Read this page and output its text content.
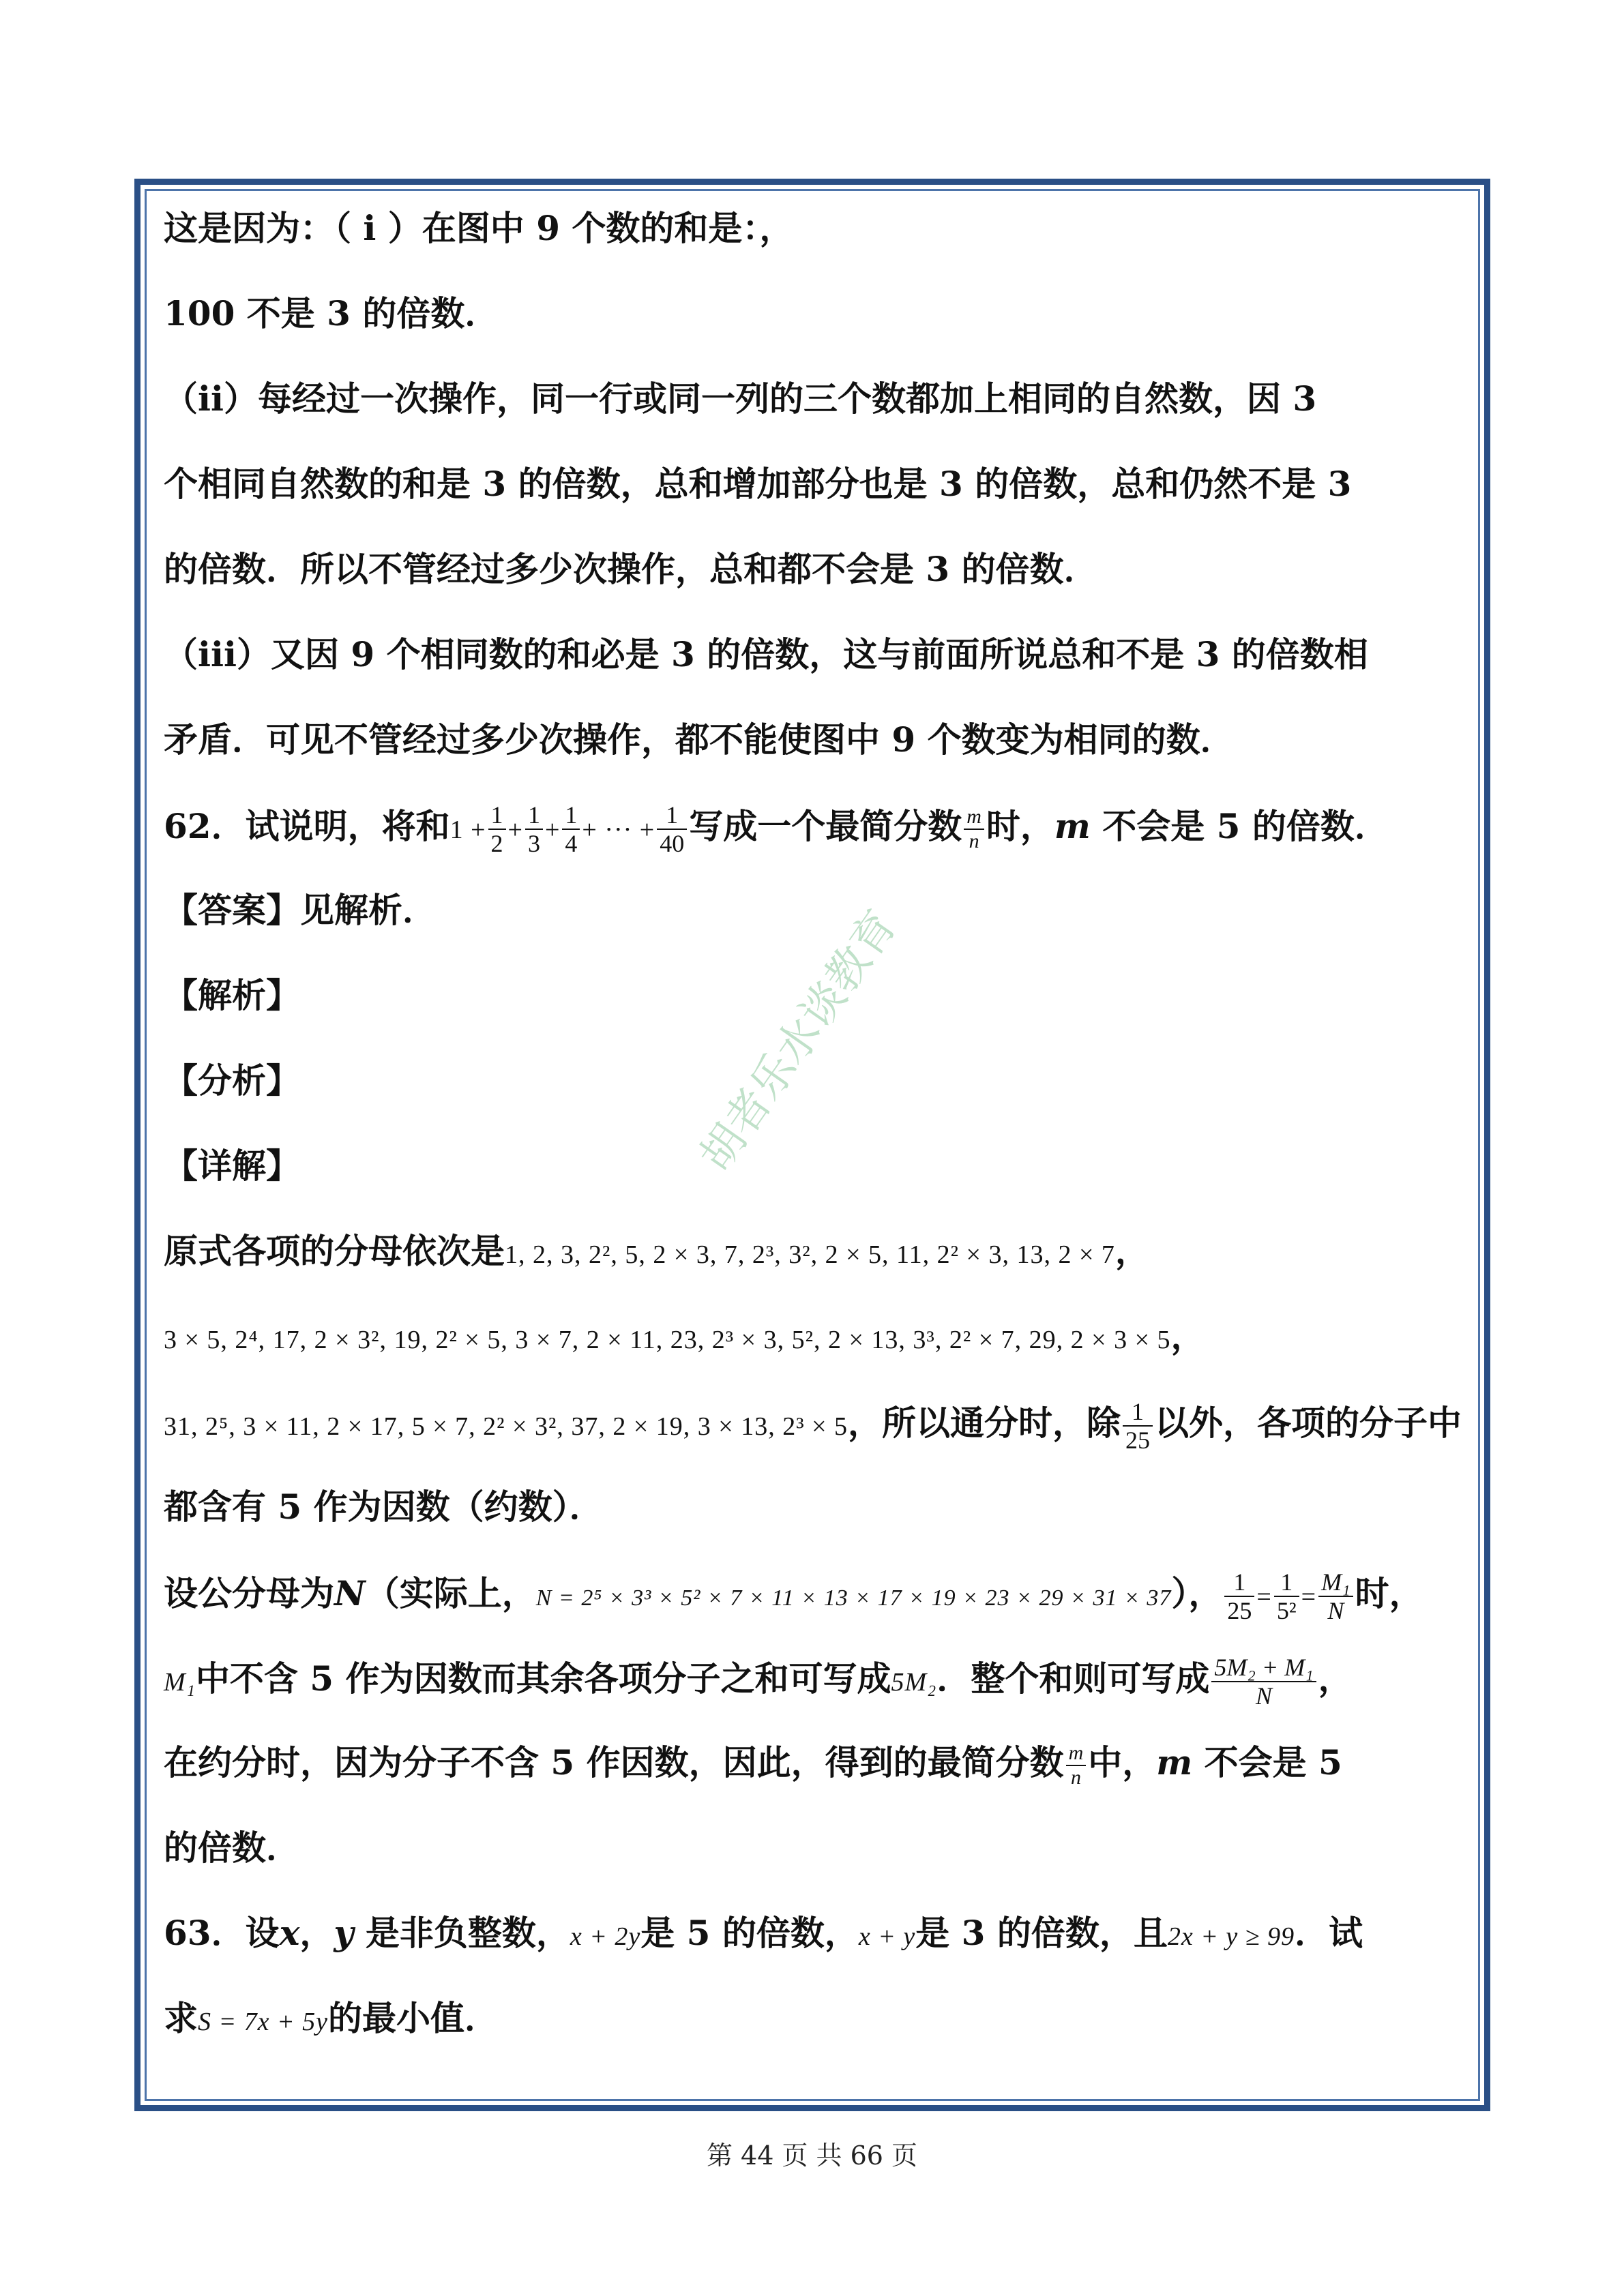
胡者乐水谈教育
这是因为：（ i ）在图中 9 个数的和是：，
100 不是 3 的倍数．
（ii）每经过一次操作，同一行或同一列的三个数都加上相同的自然数，因 3
个相同自然数的和是 3 的倍数，总和增加部分也是 3 的倍数，总和仍然不是 3
的倍数．所以不管经过多少次操作，总和都不会是 3 的倍数．
（iii）又因 9 个相同数的和必是 3 的倍数，这与前面所说总和不是 3 的倍数相
矛盾．可见不管经过多少次操作，都不能使图中 9 个数变为相同的数．
62．试说明，将和$1 + \frac{1}{2} + \frac{1}{3} + \frac{1}{4}$ + ··· + $\frac{1}{40}$ 写成一个最简分数 $\frac{m}{n}$ 时，m 不会是 5 的倍数．
【答案】见解析．
【解析】
【分析】
【详解】
原式各项的分母依次是1, 2, 3, 2², 5, 2 × 3, 7, 2³, 3², 2 × 5, 11, 2² × 3, 13, 2 × 7，
3 × 5, 2⁴, 17, 2 × 3², 19, 2² × 5, 3 × 7, 2 × 11, 23, 2³ × 3, 5², 2 × 13, 3³, 2² × 7, 29, 2 × 3 × 5，
31, 2⁵, 3 × 11, 2 × 17, 5 × 7, 2² × 3², 37, 2 × 19, 3 × 13, 2³ × 5，所以通分时，除 $\frac{1}{25}$ 以外，各项的分子中
都含有 5 作为因数（约数）．
设公分母为N（实际上，N = 2⁵ × 3³ × 5² × 7 × 11 × 13 × 17 × 19 × 23 × 29 × 31 × 37）， $\frac{1}{25} = \frac{1}{\text{5²}} = \frac{\text{M₁}}{N}$ 时，
M₁中不含 5 作为因数而其余各项分子之和可写成5M₂．整个和则可写成 $\frac{\text{5M₂ + M₁}}{N}$ ，
在约分时，因为分子不含 5 作因数，因此，得到的最简分数 $\frac{m}{n}$ 中，m 不会是 5
的倍数．
63．设x，y 是非负整数，x + 2y是 5 的倍数，x + y是 3 的倍数，且2x + y ≥ 99．试
求S = 7x + 5y的最小值．
第 44 页 共 66 页
